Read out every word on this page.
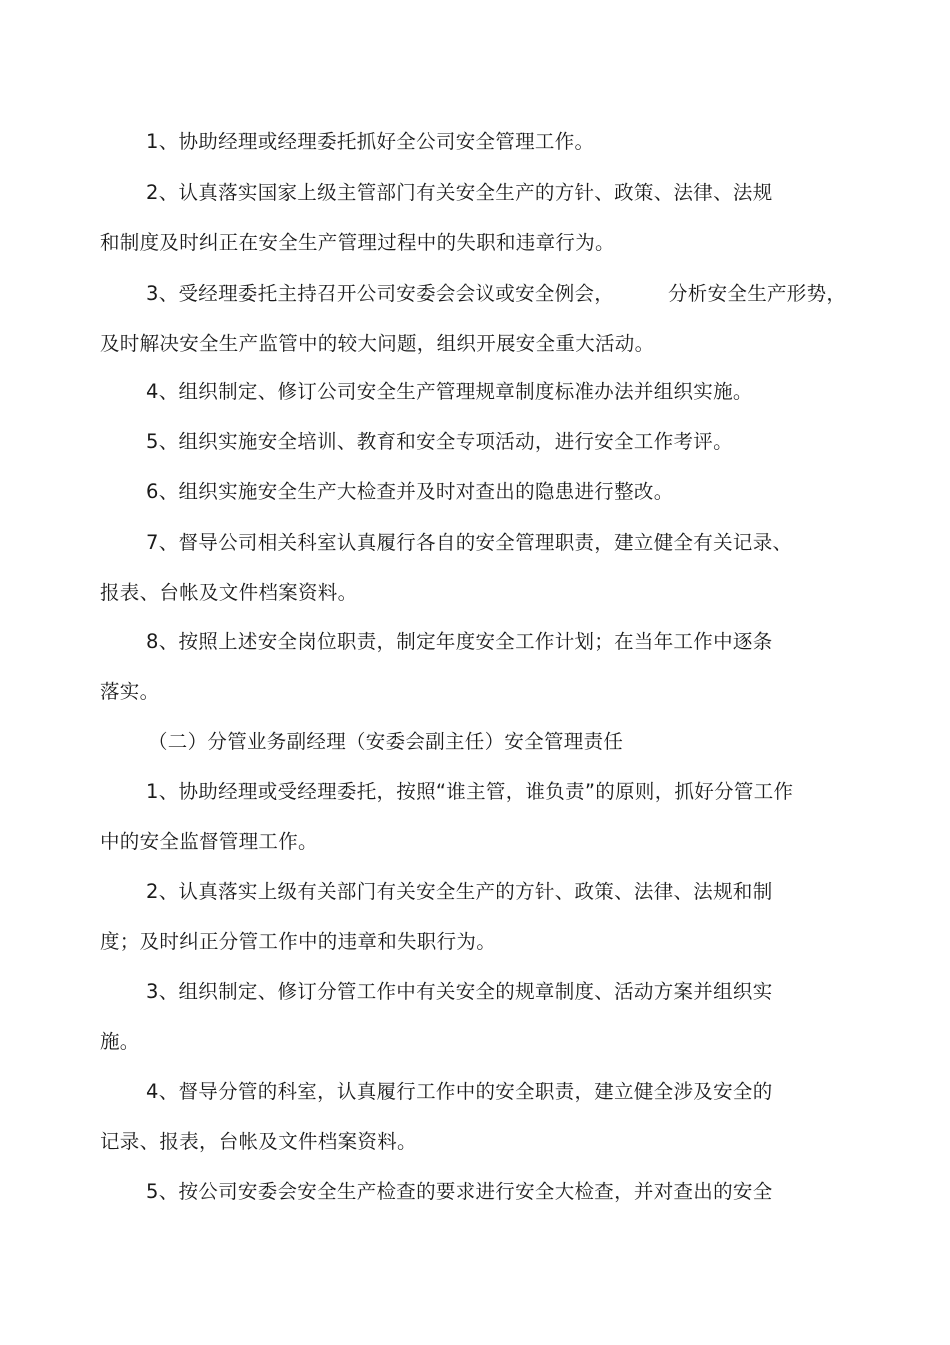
1、协助经理或经理委托抓好全公司安全管理工作。
2、认真落实国家上级主管部门有关安全生产的方针、政策、法律、法规
和制度及时纠正在安全生产管理过程中的失职和违章行为。
3、受经理委托主持召开公司安委会会议或安全例会，	分析安全生产形势，
及时解决安全生产监管中的较大问题，组织开展安全重大活动。
4、组织制定、修订公司安全生产管理规章制度标准办法并组织实施。
5、组织实施安全培训、教育和安全专项活动，进行安全工作考评。
6、组织实施安全生产大检查并及时对查出的隐患进行整改。
7、督导公司相关科室认真履行各自的安全管理职责，建立健全有关记录、
报表、台帐及文件档案资料。
8、按照上述安全岗位职责，制定年度安全工作计划；在当年工作中逐条
落实。
（二）分管业务副经理（安委会副主任）安全管理责任
1、协助经理或受经理委托，按照“谁主管，谁负责”的原则，抓好分管工作
中的安全监督管理工作。
2、认真落实上级有关部门有关安全生产的方针、政策、法律、法规和制
度；及时纠正分管工作中的违章和失职行为。
3、组织制定、修订分管工作中有关安全的规章制度、活动方案并组织实
施。
4、督导分管的科室，认真履行工作中的安全职责，建立健全涉及安全的
记录、报表，台帐及文件档案资料。
5、按公司安委会安全生产检查的要求进行安全大检查，并对查出的安全
